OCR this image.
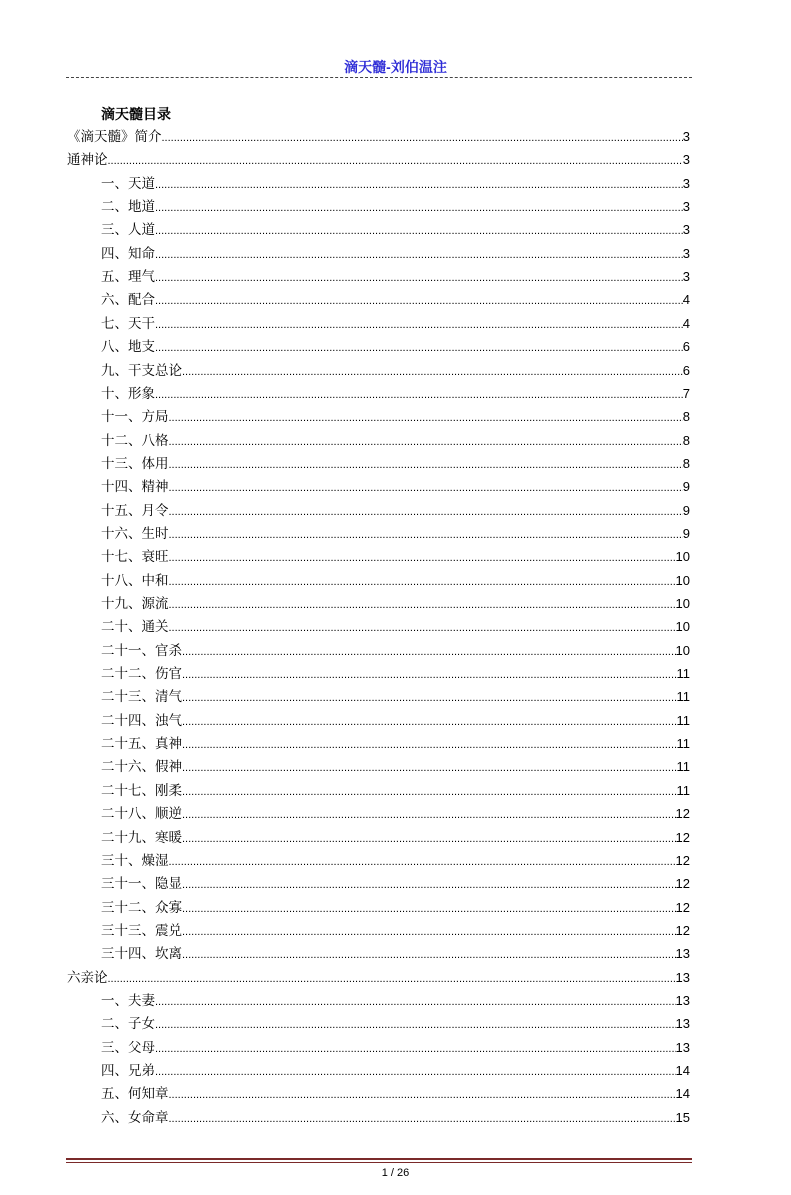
滴天髓-刘伯温注
滴天髓目录
《滴天髓》简介 .....	3
通神论 .....	3
一、天道 .....	3
二、地道 .....	3
三、人道 .....	3
四、知命 .....	3
五、理气 .....	3
六、配合 .....	4
七、天干 .....	4
八、地支 .....	6
九、干支总论 .....	6
十、形象 .....	7
十一、方局 .....	8
十二、八格 .....	8
十三、体用 .....	8
十四、精神 .....	9
十五、月令 .....	9
十六、生时 .....	9
十七、衰旺 .....	10
十八、中和 .....	10
十九、源流 .....	10
二十、通关 .....	10
二十一、官杀 .....	10
二十二、伤官 .....	11
二十三、清气 .....	11
二十四、浊气 .....	11
二十五、真神 .....	11
二十六、假神 .....	11
二十七、刚柔 .....	11
二十八、顺逆 .....	12
二十九、寒暖 .....	12
三十、燥湿 .....	12
三十一、隐显 .....	12
三十二、众寡 .....	12
三十三、震兑 .....	12
三十四、坎离 .....	13
六亲论 .....	13
一、夫妻 .....	13
二、子女 .....	13
三、父母 .....	13
四、兄弟 .....	14
五、何知章 .....	14
六、女命章 .....	15
1 / 26
